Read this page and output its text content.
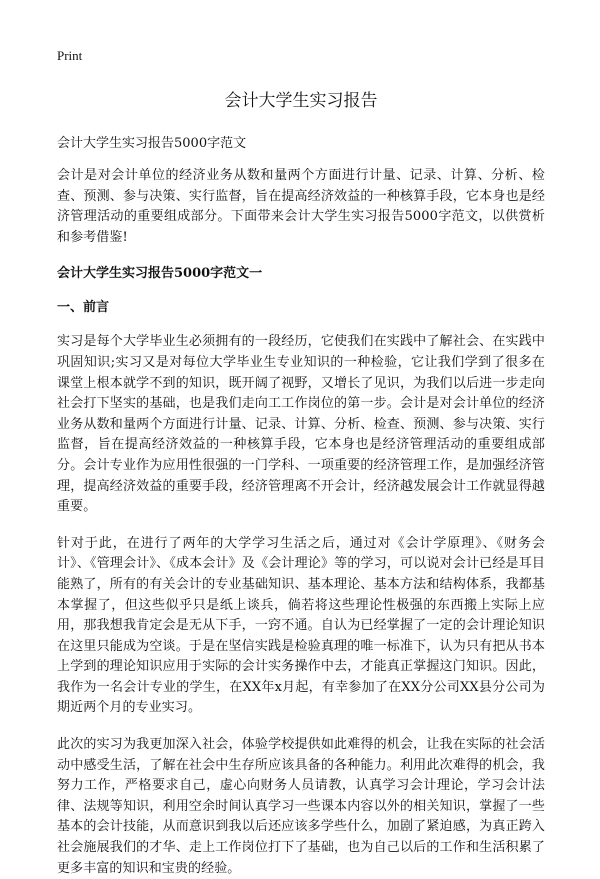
Print
会计大学生实习报告
会计大学生实习报告5000字范文

会计是对会计单位的经济业务从数和量两个方面进行计量、记录、计算、分析、检查、预测、参与决策、实行监督，旨在提高经济效益的一种核算手段，它本身也是经济管理活动的重要组成部分。下面带来会计大学生实习报告5000字范文，以供赏析和参考借鉴!

会计大学生实习报告5000字范文一
一、前言

实习是每个大学毕业生必须拥有的一段经历，它使我们在实践中了解社会、在实践中巩固知识;实习又是对每位大学毕业生专业知识的一种检验，它让我们学到了很多在课堂上根本就学不到的知识，既开阔了视野，又增长了见识，为我们以后进一步走向社会打下坚实的基础，也是我们走向工工作岗位的第一步。会计是对会计单位的经济业务从数和量两个方面进行计量、记录、计算、分析、检查、预测、参与决策、实行监督，旨在提高经济效益的一种核算手段，它本身也是经济管理活动的重要组成部分。会计专业作为应用性很强的一门学科、一项重要的经济管理工作，是加强经济管理，提高经济效益的重要手段，经济管理离不开会计，经济越发展会计工作就显得越重要。

针对于此，在进行了两年的大学学习生活之后，通过对《会计学原理》、《财务会计》、《管理会计》、《成本会计》及《会计理论》等的学习，可以说对会计已经是耳目能熟了，所有的有关会计的专业基础知识、基本理论、基本方法和结构体系，我都基本掌握了，但这些似乎只是纸上谈兵，倘若将这些理论性极强的东西搬上实际上应用，那我想我肯定会是无从下手，一窍不通。自认为已经掌握了一定的会计理论知识在这里只能成为空谈。于是在坚信实践是检验真理的唯一标准下，认为只有把从书本上学到的理论知识应用于实际的会计实务操作中去，才能真正掌握这门知识。因此，我作为一名会计专业的学生，在XX年x月起，有幸参加了在XX分公司XX县分公司为期近两个月的专业实习。

此次的实习为我更加深入社会，体验学校提供如此难得的机会，让我在实际的社会活动中感受生活，了解在社会中生存所应该具备的各种能力。利用此次难得的机会，我努力工作，严格要求自己，虚心向财务人员请教，认真学习会计理论，学习会计法律、法规等知识，利用空余时间认真学习一些课本内容以外的相关知识，掌握了一些基本的会计技能，从而意识到我以后还应该多学些什么，加剧了紧迫感，为真正跨入社会施展我们的才华、走上工作岗位打下了基础，也为自己以后的工作和生活积累了更多丰富的知识和宝贵的经验。
